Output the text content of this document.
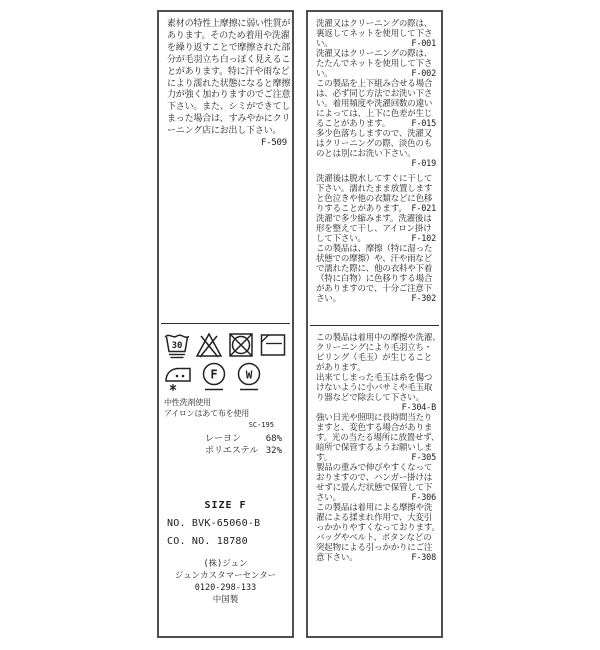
素材の特性上摩擦に弱い性質が
あります。そのため着用や洗濯
を繰り返すことで摩擦された部
分が毛羽立ち白っぽく見えるこ
とがあります。特に汗や雨など
により濡れた状態になると摩擦
力が強く加わりますのでご注意
下さい。また、シミができてし
まった場合は、すみやかにクリ
ーニング店にお出し下さい。
F-509
30
F	W
中性洗剤使用
アイロンはあて布を使用
SC-195
レーヨン	68%
ポリエステル 32%
SIZE F
NO. BVK-65060-B
CO. NO. 18780
(株)ジュン
ジュンカスタマーセンター
0120-298-133
中国製
洗濯又はクリーニングの際は、
裏返してネットを使用して下さ
い。	F-001
洗濯又はクリーニングの際は、
たたんでネットを使用して下さ
い。	F-002
この製品を上下組み合せる場合
は、必ず同じ方法でお洗い下さ
い。着用頻度や洗濯回数の違い
によっては、上下に色差が生じ
ることがあります。	F-015
多少色落ちしますので、洗濯又
はクリーニングの際、淡色のも
のとは別にお洗い下さい。
F-019
洗濯後は脱水してすぐに干して
下さい。濡れたまま放置します
と色泣きや他の衣類などに色移
りすることがあります。 F-021
洗濯で多少縮みます。洗濯後は
形を整えて干し、アイロン掛け
して下さい。	F-102
この製品は、摩擦（特に湿った
状態での摩擦）や、汗や雨など
で濡れた際に、他の衣料や下着
（特に白物）に色移りする場合
がありますので、十分ご注意下
さい。	F-302
この製品は着用中の摩擦や洗濯、
クリーニングにより毛羽立ち・
ピリング（毛玉）が生じること
があります。
出来てしまった毛玉は糸を傷つ
けないように小バサミや毛玉取
り器などで除去して下さい。
F-304-B
強い日光や照明に長時間当たり
ますと、変色する場合がありま
す。光の当たる場所に放置せず、
暗所で保管するようお願いしま
す。	F-305
製品の重みで伸びやすくなって
おりますので、ハンガー掛けは
せずに畳んだ状態で保管して下
さい。	F-306
この製品は着用による摩擦や洗
濯による揉まれ作用で、大変引
っかかりやすくなっております。
バッグやベルト、ボタンなどの
突起物による引っかかりにご注
意下さい。	F-308
